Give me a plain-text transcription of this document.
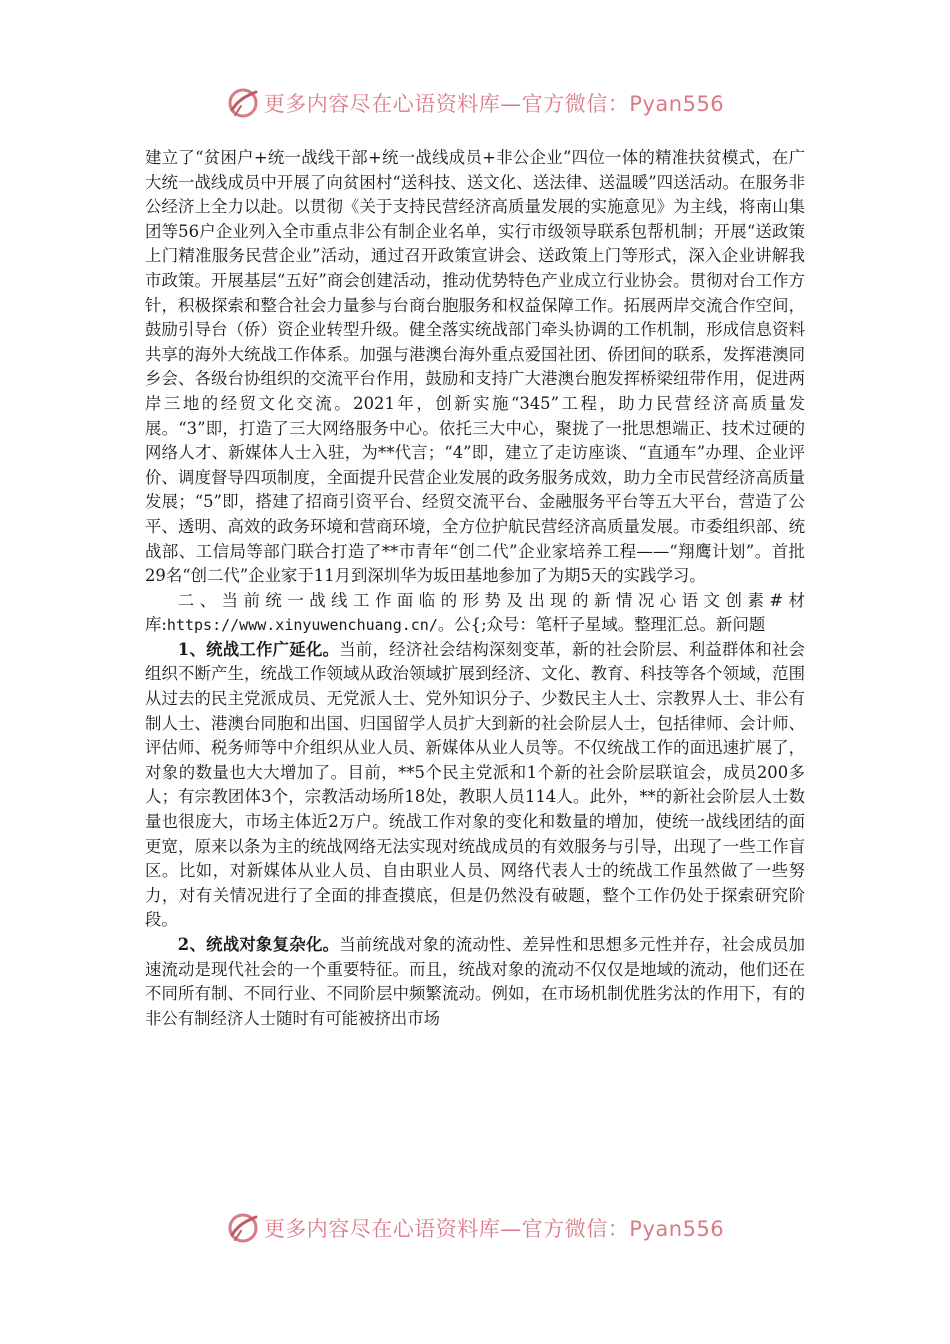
更多内容尽在心语资料库—官方微信：Pyan556

建立了“贫困户+统一战线干部+统一战线成员+非公企业”四位一体的精准扶贫模式，在广大统一战线成员中开展了向贫困村“送科技、送文化、送法律、送温暖”四送活动。在服务非公经济上全力以赴。以贯彻《关于支持民营经济高质量发展的实施意见》为主线，将南山集团等56户企业列入全市重点非公有制企业名单，实行市级领导联系包帮机制；开展“送政策上门精准服务民营企业”活动，通过召开政策宣讲会、送政策上门等形式，深入企业讲解我市政策。开展基层“五好”商会创建活动，推动优势特色产业成立行业协会。贯彻对台工作方针，积极探索和整合社会力量参与台商台胞服务和权益保障工作。拓展两岸交流合作空间，鼓励引导台（侨）资企业转型升级。健全落实统战部门牵头协调的工作机制，形成信息资料共享的海外大统战工作体系。加强与港澳台海外重点爱国社团、侨团间的联系，发挥港澳同乡会、各级台协组织的交流平台作用，鼓励和支持广大港澳台胞发挥桥梁纽带作用，促进两岸三地的经贸文化交流。2021年，创新实施“345”工程，助力民营经济高质量发展。“3”即，打造了三大网络服务中心。依托三大中心，聚拢了一批思想端正、技术过硬的网络人才、新媒体人士入驻，为**代言；“4”即，建立了走访座谈、“直通车”办理、企业评价、调度督导四项制度，全面提升民营企业发展的政务服务成效，助力全市民营经济高质量发展；“5”即，搭建了招商引资平台、经贸交流平台、金融服务平台等五大平台，营造了公平、透明、高效的政务环境和营商环境，全方位护航民营经济高质量发展。市委组织部、统战部、工信局等部门联合打造了**市青年“创二代”企业家培养工程——“翔鹰计划”。首批29名“创二代”企业家于11月到深圳华为坂田基地参加了为期5天的实践学习。

二、当前统一战线工作面临的形势及出现的新情况心语文创素#材库:https://www.xinyuwenchuang.cn/。公{;众号：笔杆子星域。整理汇总。新问题

1、统战工作广延化。当前，经济社会结构深刻变革，新的社会阶层、利益群体和社会组织不断产生，统战工作领域从政治领域扩展到经济、文化、教育、科技等各个领域，范围从过去的民主党派成员、无党派人士、党外知识分子、少数民主人士、宗教界人士、非公有制人士、港澳台同胞和出国、归国留学人员扩大到新的社会阶层人士，包括律师、会计师、评估师、税务师等中介组织从业人员、新媒体从业人员等。不仅统战工作的面迅速扩展了，对象的数量也大大增加了。目前，**5个民主党派和1个新的社会阶层联谊会，成员200多人；有宗教团体3个，宗教活动场所18处，教职人员114人。此外，**的新社会阶层人士数量也很庞大，市场主体近2万户。统战工作对象的变化和数量的增加，使统一战线团结的面更宽，原来以条为主的统战网络无法实现对统战成员的有效服务与引导，出现了一些工作盲区。比如，对新媒体从业人员、自由职业人员、网络代表人士的统战工作虽然做了一些努力，对有关情况进行了全面的排查摸底，但是仍然没有破题，整个工作仍处于探索研究阶段。

2、统战对象复杂化。当前统战对象的流动性、差异性和思想多元性并存，社会成员加速流动是现代社会的一个重要特征。而且，统战对象的流动不仅仅是地域的流动，他们还在不同所有制、不同行业、不同阶层中频繁流动。例如，在市场机制优胜劣汰的作用下，有的非公有制经济人士随时有可能被挤出市场

更多内容尽在心语资料库—官方微信：Pyan556
